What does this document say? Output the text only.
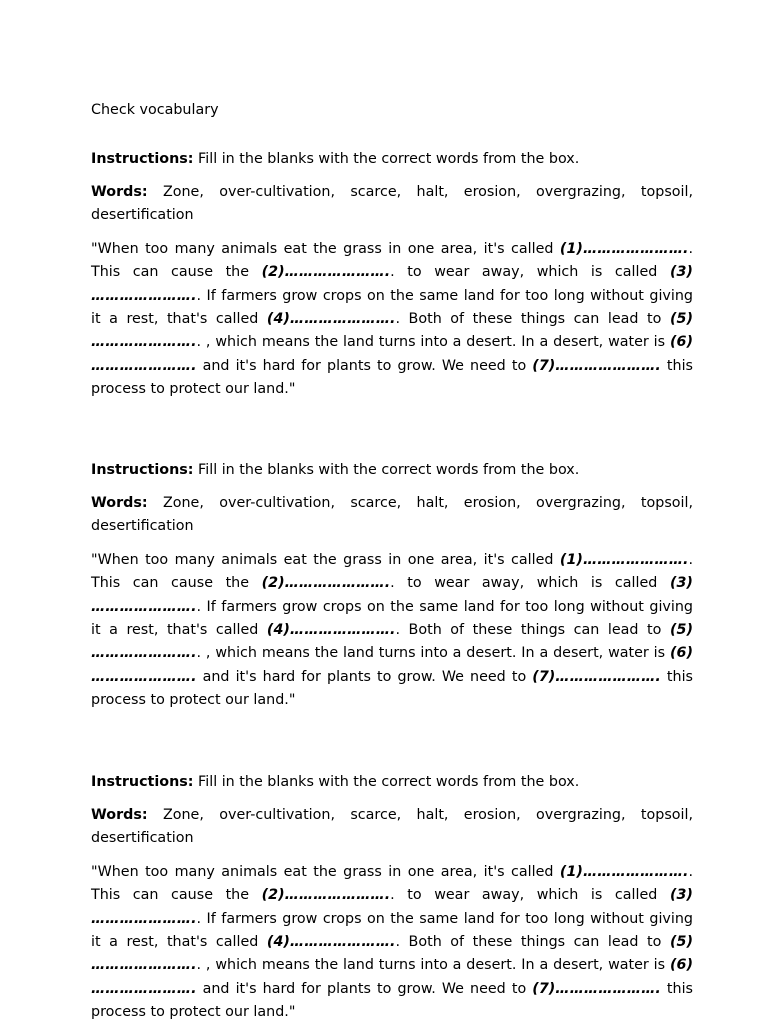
Check vocabulary

Instructions: Fill in the blanks with the correct words from the box.

Words: Zone, over-cultivation, scarce, halt, erosion, overgrazing, topsoil, desertification

"When too many animals eat the grass in one area, it's called (1)………………….. This can cause the (2)………………….. to wear away, which is called (3) ………………….. If farmers grow crops on the same land for too long without giving it a rest, that's called (4)………………….. Both of these things can lead to (5) ………………….. , which means the land turns into a desert. In a desert, water is (6) …………………. and it's hard for plants to grow. We need to (7)…………………. this process to protect our land."

Instructions: Fill in the blanks with the correct words from the box.

Words: Zone, over-cultivation, scarce, halt, erosion, overgrazing, topsoil, desertification

"When too many animals eat the grass in one area, it's called (1)………………….. This can cause the (2)………………….. to wear away, which is called (3) ………………….. If farmers grow crops on the same land for too long without giving it a rest, that's called (4)………………….. Both of these things can lead to (5) ………………….. , which means the land turns into a desert. In a desert, water is (6) …………………. and it's hard for plants to grow. We need to (7)…………………. this process to protect our land."

Instructions: Fill in the blanks with the correct words from the box.

Words: Zone, over-cultivation, scarce, halt, erosion, overgrazing, topsoil, desertification

"When too many animals eat the grass in one area, it's called (1)………………….. This can cause the (2)………………….. to wear away, which is called (3) ………………….. If farmers grow crops on the same land for too long without giving it a rest, that's called (4)………………….. Both of these things can lead to (5) ………………….. , which means the land turns into a desert. In a desert, water is (6) …………………. and it's hard for plants to grow. We need to (7)…………………. this process to protect our land."
